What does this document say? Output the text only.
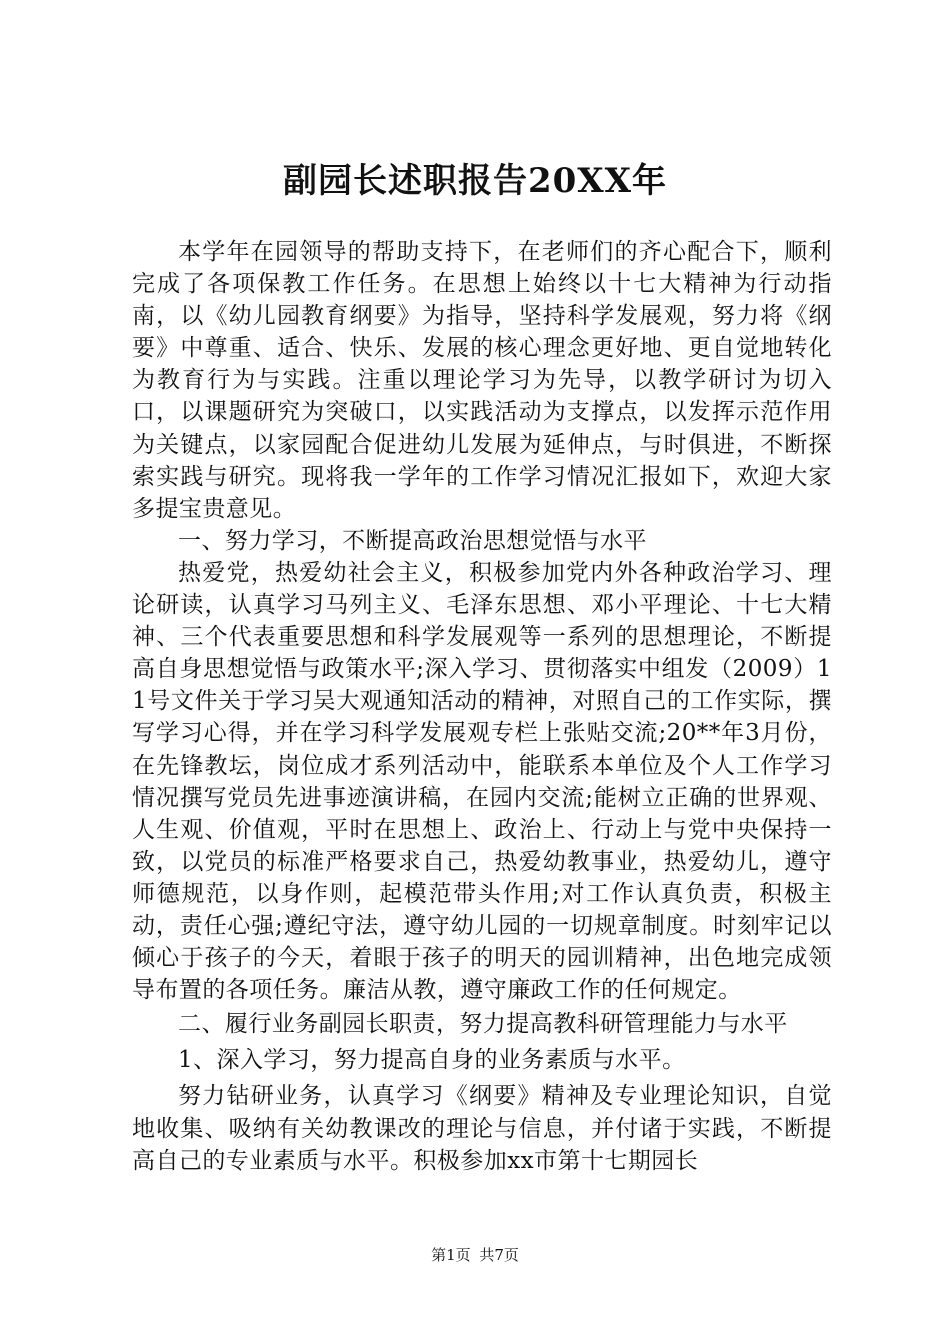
副园长述职报告20XX年

本学年在园领导的帮助支持下，在老师们的齐心配合下，顺利完成了各项保教工作任务。在思想上始终以十七大精神为行动指南，以《幼儿园教育纲要》为指导，坚持科学发展观，努力将《纲要》中尊重、适合、快乐、发展的核心理念更好地、更自觉地转化为教育行为与实践。注重以理论学习为先导，以教学研讨为切入口，以课题研究为突破口，以实践活动为支撑点，以发挥示范作用为关键点，以家园配合促进幼儿发展为延伸点，与时俱进，不断探索实践与研究。现将我一学年的工作学习情况汇报如下，欢迎大家多提宝贵意见。

一、努力学习，不断提高政治思想觉悟与水平

热爱党，热爱幼社会主义，积极参加党内外各种政治学习、理论研读，认真学习马列主义、毛泽东思想、邓小平理论、十七大精神、三个代表重要思想和科学发展观等一系列的思想理论，不断提高自身思想觉悟与政策水平;深入学习、贯彻落实中组发（2009）11号文件关于学习吴大观通知活动的精神，对照自己的工作实际，撰写学习心得，并在学习科学发展观专栏上张贴交流;20**年3月份，在先锋教坛，岗位成才系列活动中，能联系本单位及个人工作学习情况撰写党员先进事迹演讲稿，在园内交流;能树立正确的世界观、人生观、价值观，平时在思想上、政治上、行动上与党中央保持一致，以党员的标准严格要求自己，热爱幼教事业，热爱幼儿，遵守师德规范，以身作则，起模范带头作用;对工作认真负责，积极主动，责任心强;遵纪守法，遵守幼儿园的一切规章制度。时刻牢记以倾心于孩子的今天，着眼于孩子的明天的园训精神，出色地完成领导布置的各项任务。廉洁从教，遵守廉政工作的任何规定。

二、履行业务副园长职责，努力提高教科研管理能力与水平

1、深入学习，努力提高自身的业务素质与水平。

努力钻研业务，认真学习《纲要》精神及专业理论知识，自觉地收集、吸纳有关幼教课改的理论与信息，并付诸于实践，不断提高自己的专业素质与水平。积极参加xx市第十七期园长

第1页 共7页
